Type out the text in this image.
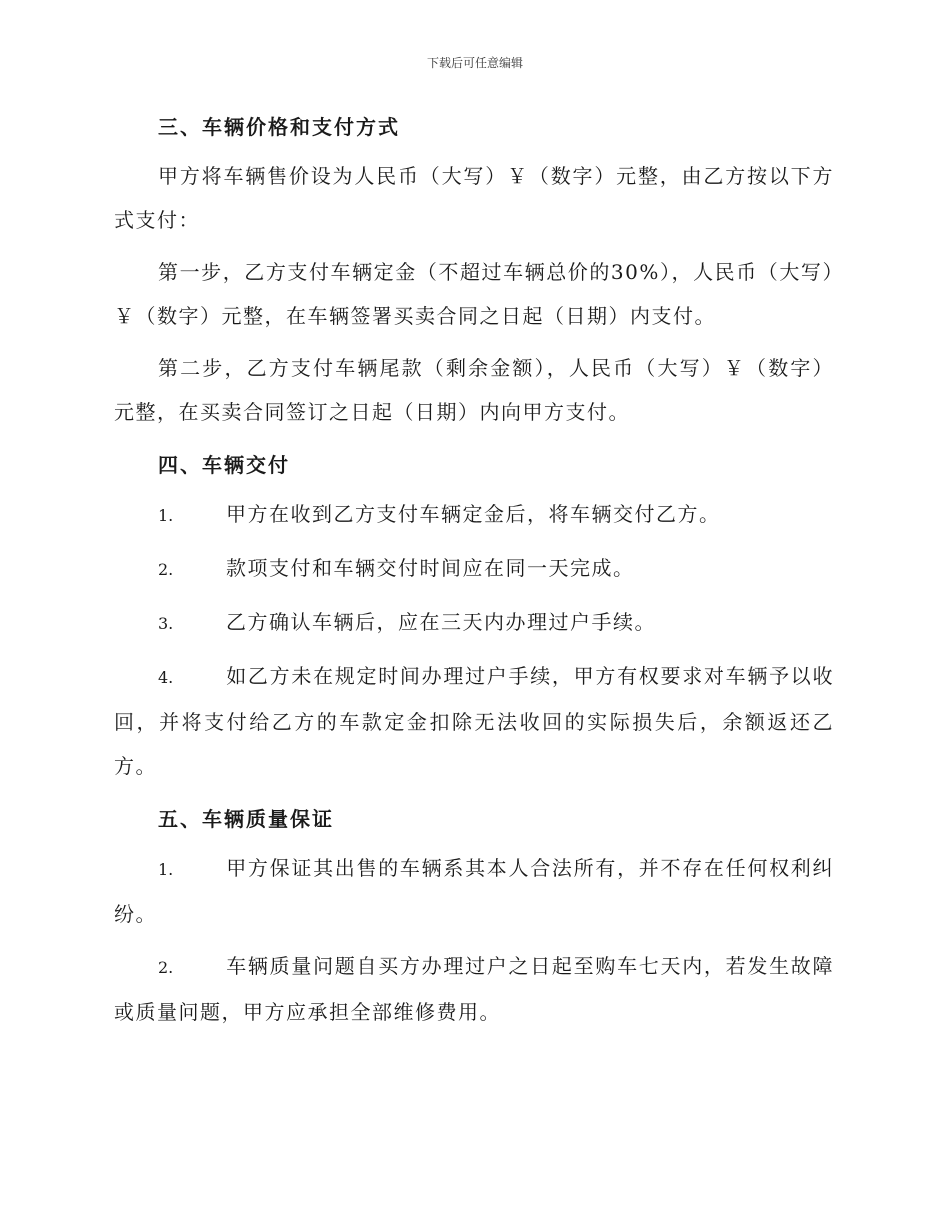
下载后可任意编辑

三、车辆价格和支付方式

甲方将车辆售价设为人民币（大写）￥（数字）元整，由乙方按以下方式支付：

第一步，乙方支付车辆定金（不超过车辆总价的30%），人民币（大写）￥（数字）元整，在车辆签署买卖合同之日起（日期）内支付。

第二步，乙方支付车辆尾款（剩余金额），人民币（大写）￥（数字）元整，在买卖合同签订之日起（日期）内向甲方支付。

四、车辆交付

1.	甲方在收到乙方支付车辆定金后，将车辆交付乙方。

2.	款项支付和车辆交付时间应在同一天完成。

3.	乙方确认车辆后，应在三天内办理过户手续。

4.	如乙方未在规定时间办理过户手续，甲方有权要求对车辆予以收回，并将支付给乙方的车款定金扣除无法收回的实际损失后，余额返还乙方。

五、车辆质量保证

1.	甲方保证其出售的车辆系其本人合法所有，并不存在任何权利纠纷。

2.	车辆质量问题自买方办理过户之日起至购车七天内，若发生故障或质量问题，甲方应承担全部维修费用。
